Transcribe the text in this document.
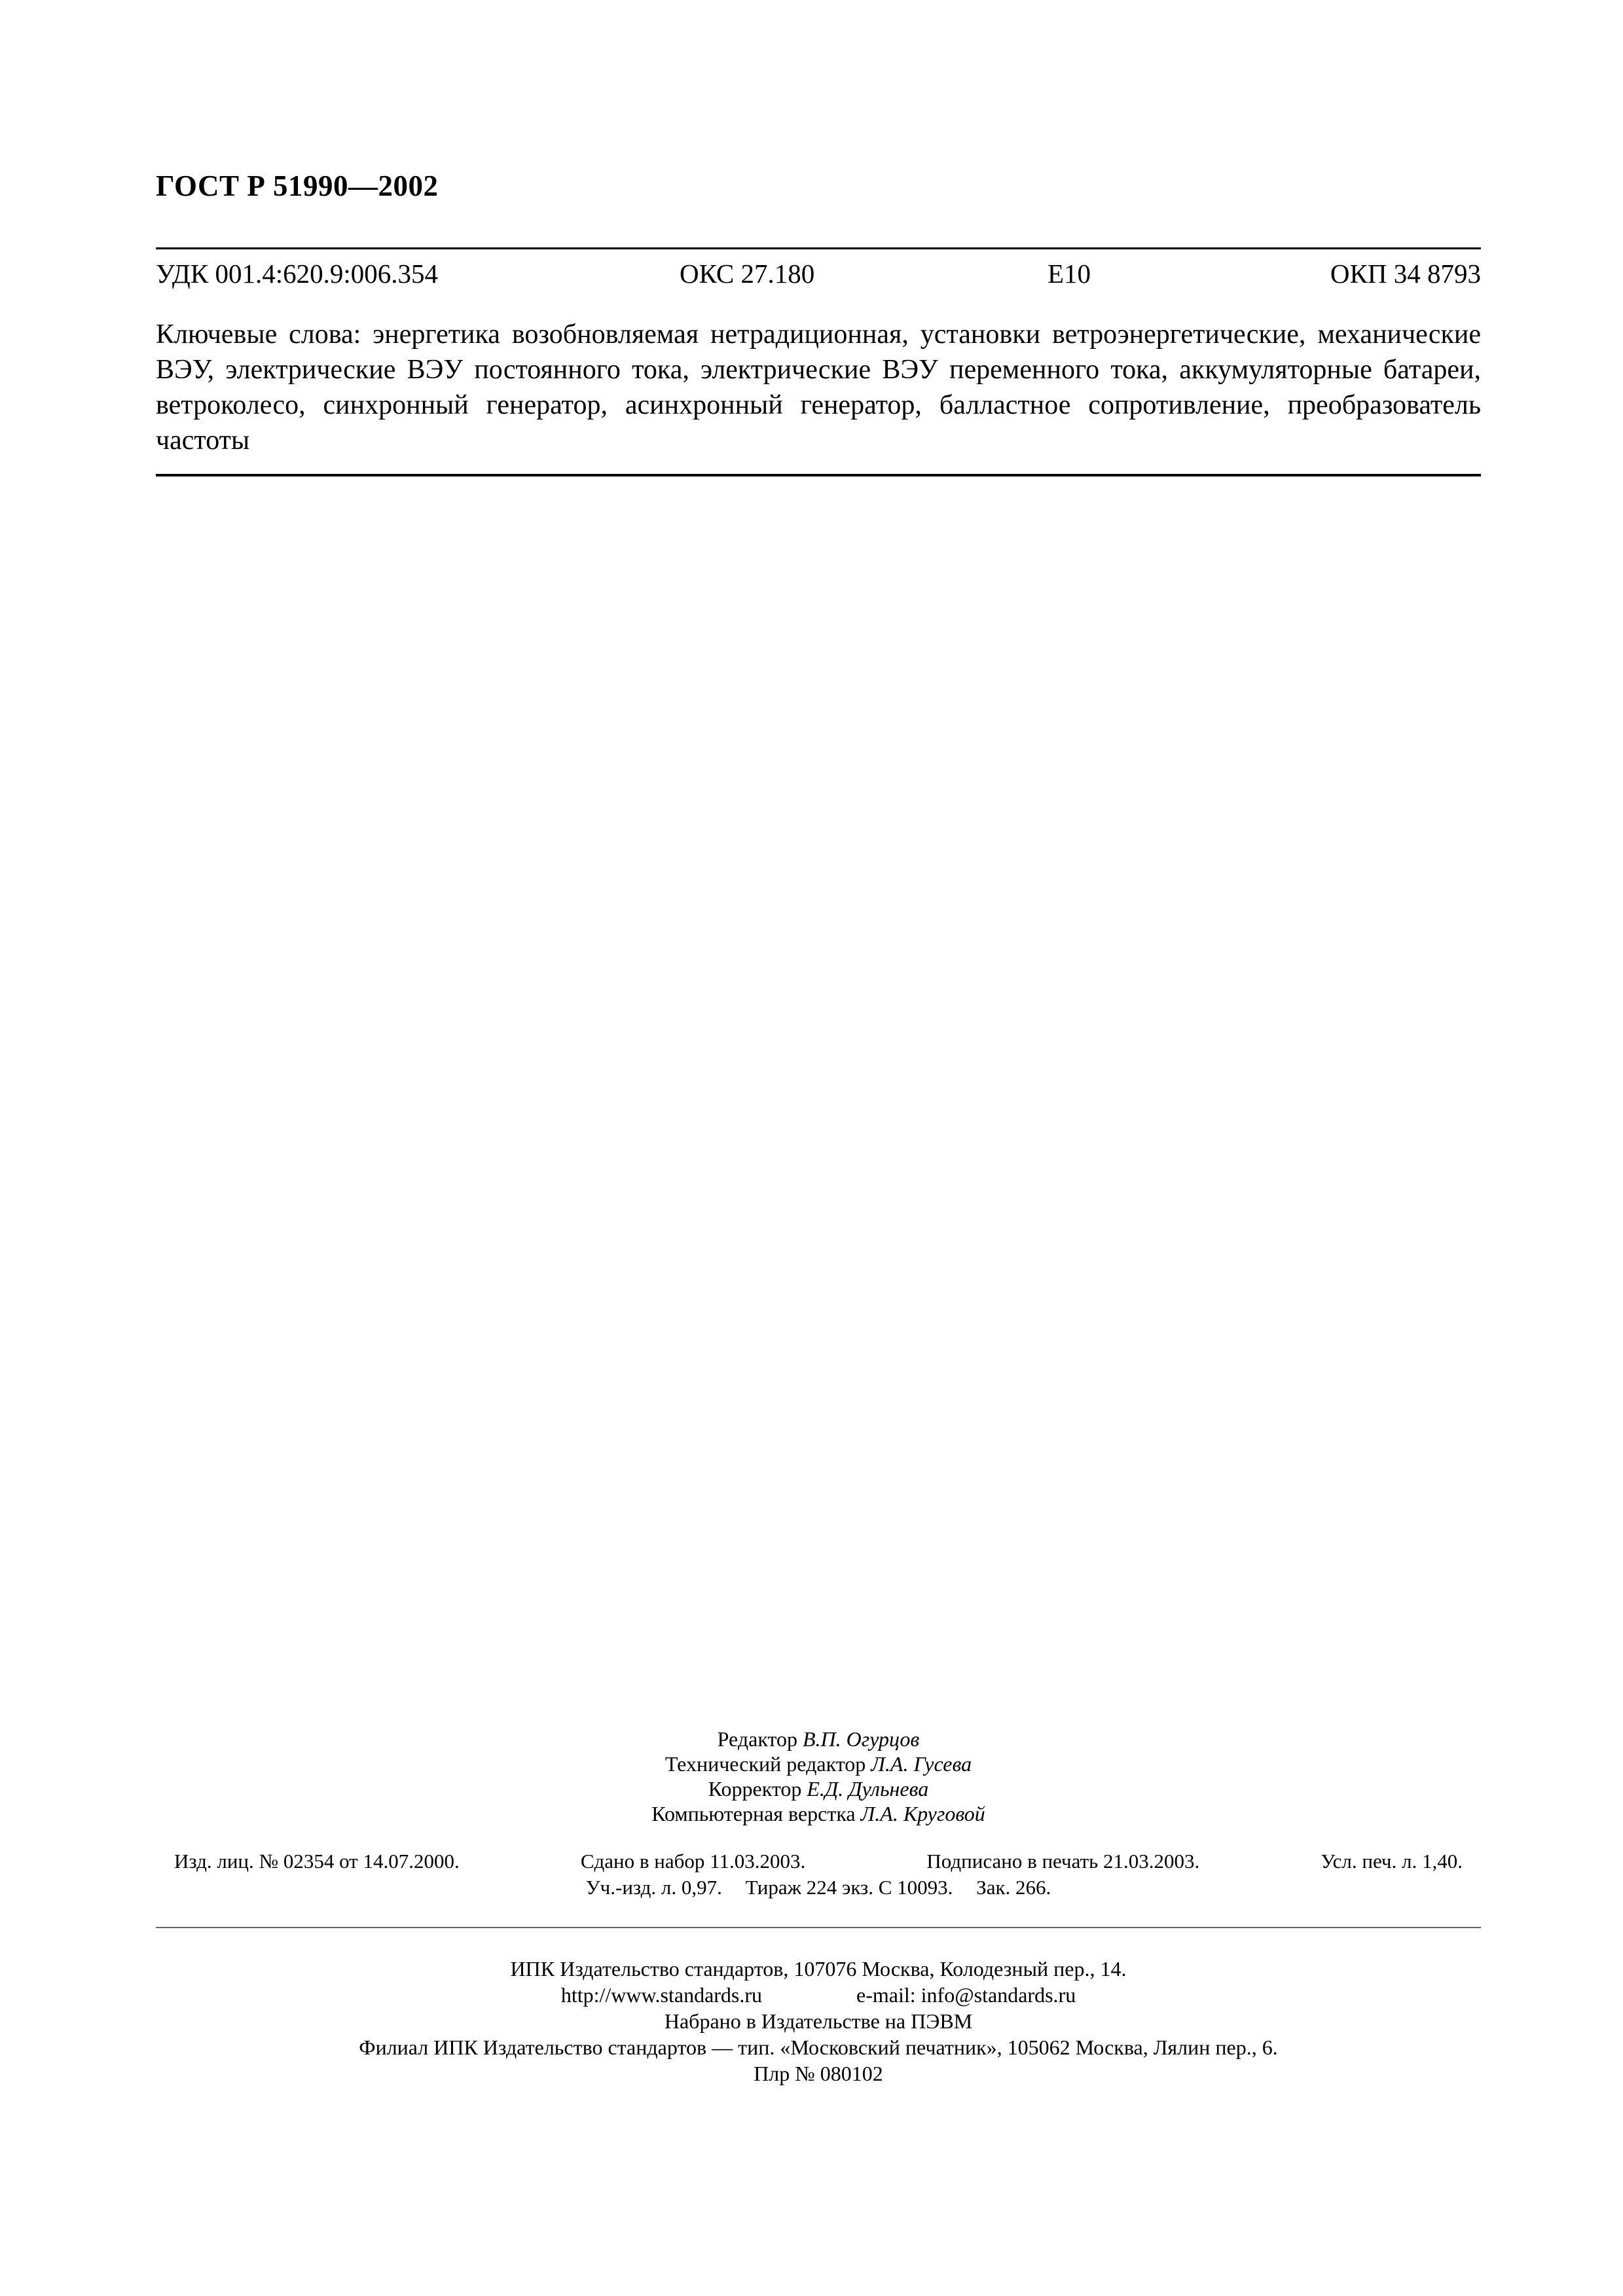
ГОСТ Р 51990—2002
УДК 001.4:620.9:006.354	ОКС 27.180	Е10	ОКП 34 8793
Ключевые слова: энергетика возобновляемая нетрадиционная, установки ветроэнергетические, механические ВЭУ, электрические ВЭУ постоянного тока, электрические ВЭУ переменного тока, аккумуляторные батареи, ветроколесо, синхронный генератор, асинхронный генератор, балластное сопротивление, преобразователь частоты
Редактор В.П. Огурцов
Технический редактор Л.А. Гусева
Корректор Е.Д. Дульнева
Компьютерная верстка Л.А. Круговой
Изд. лиц. № 02354 от 14.07.2000.	Сдано в набор 11.03.2003.	Подписано в печать 21.03.2003.	Усл. печ. л. 1,40.
Уч.-изд. л. 0,97. Тираж 224 экз. С 10093. Зак. 266.
ИПК Издательство стандартов, 107076 Москва, Колодезный пер., 14.
http://www.standards.ru	e-mail: info@standards.ru
Набрано в Издательстве на ПЭВМ
Филиал ИПК Издательство стандартов — тип. «Московский печатник», 105062 Москва, Лялин пер., 6.
Плр № 080102
